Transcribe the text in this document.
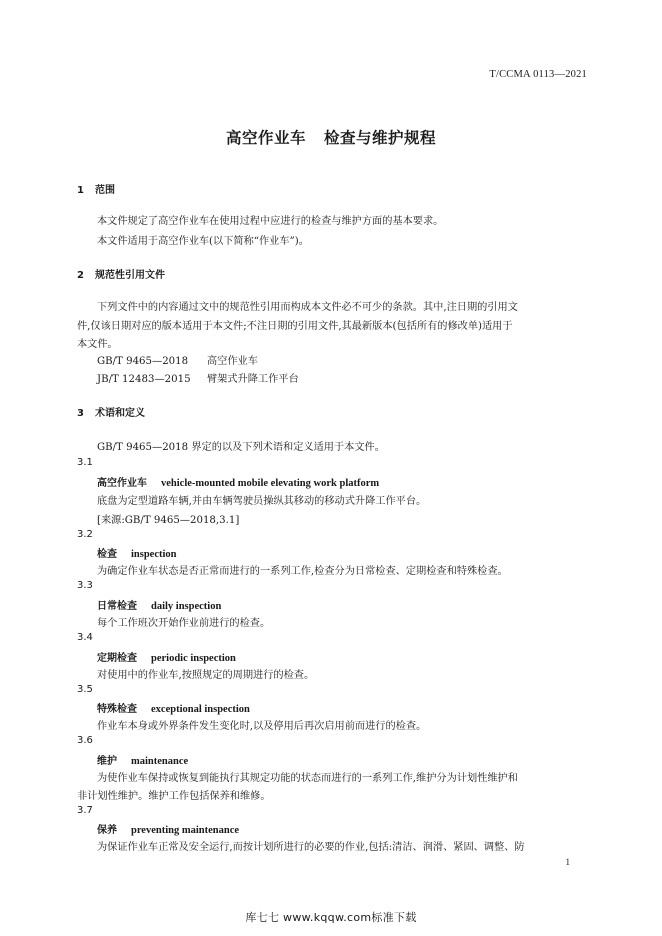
T/CCMA 0113—2021
高空作业车 检查与维护规程
1 范围
本文件规定了高空作业车在使用过程中应进行的检查与维护方面的基本要求。
本文件适用于高空作业车(以下简称“作业车”)。
2 规范性引用文件
下列文件中的内容通过文中的规范性引用而构成本文件必不可少的条款。其中,注日期的引用文
件,仅该日期对应的版本适用于本文件;不注日期的引用文件,其最新版本(包括所有的修改单)适用于
本文件。
GB/T 9465—2018 高空作业车
JB/T 12483—2015 臂架式升降工作平台
3 术语和定义
GB/T 9465—2018 界定的以及下列术语和定义适用于本文件。
3.1
高空作业车 vehicle-mounted mobile elevating work platform
底盘为定型道路车辆,并由车辆驾驶员操纵其移动的移动式升降工作平台。
[来源:GB/T 9465—2018,3.1]
3.2
检查 inspection
为确定作业车状态是否正常而进行的一系列工作,检查分为日常检查、定期检查和特殊检查。
3.3
日常检查 daily inspection
每个工作班次开始作业前进行的检查。
3.4
定期检查 periodic inspection
对使用中的作业车,按照规定的周期进行的检查。
3.5
特殊检查 exceptional inspection
作业车本身或外界条件发生变化时,以及停用后再次启用前而进行的检查。
3.6
维护 maintenance
为使作业车保持或恢复到能执行其规定功能的状态而进行的一系列工作,维护分为计划性维护和
非计划性维护。维护工作包括保养和维修。
3.7
保养 preventing maintenance
为保证作业车正常及安全运行,而按计划所进行的必要的作业,包括:清洁、润滑、紧固、调整、防
1
库七七 www.kqqw.com标准下载
